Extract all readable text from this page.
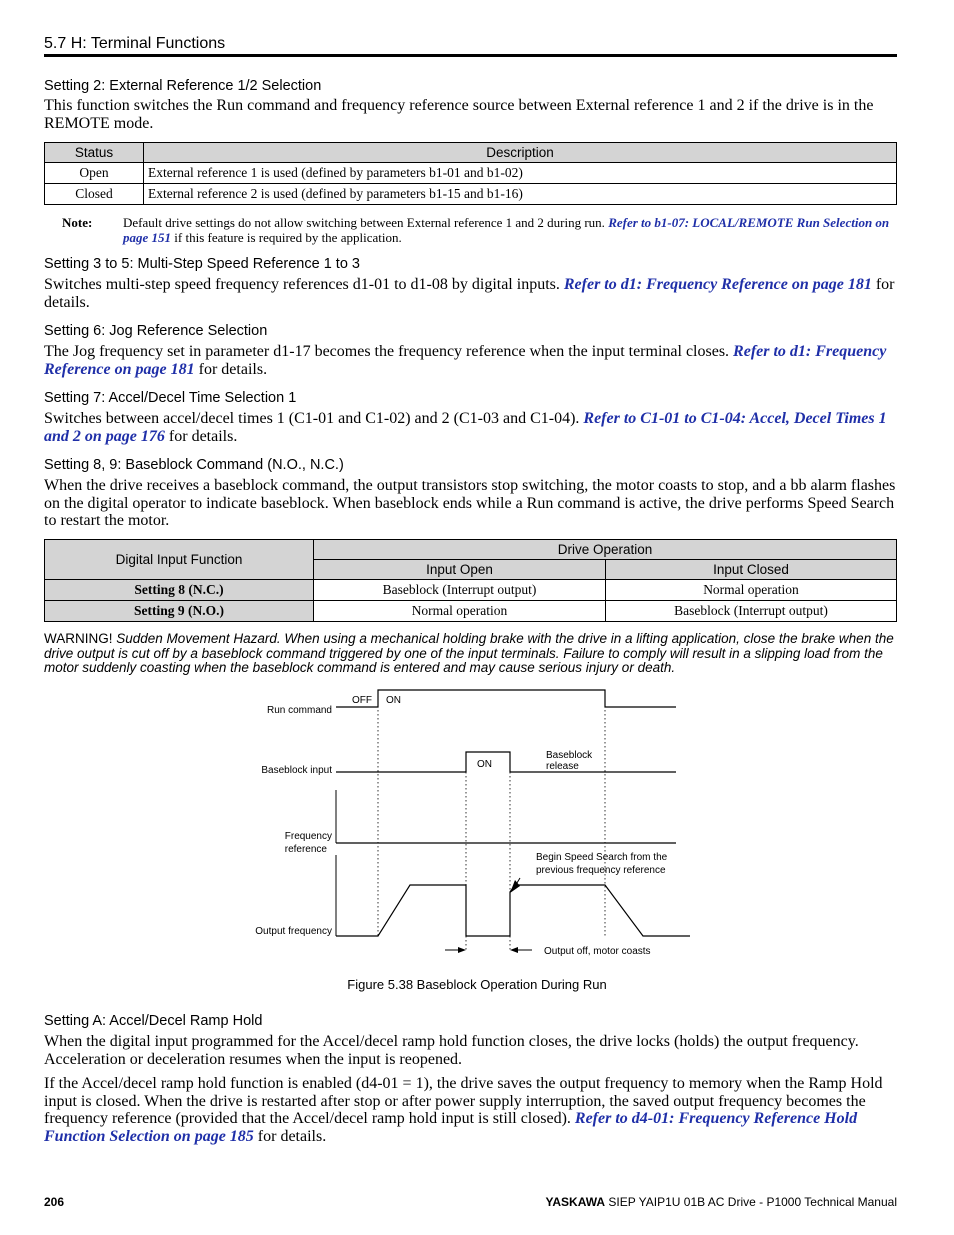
5.7 H: Terminal Functions
Setting 2: External Reference 1/2 Selection
This function switches the Run command and frequency reference source between External reference 1 and 2 if the drive is in the REMOTE mode.
Status	Description
Open	External reference 1 is used (defined by parameters b1-01 and b1-02)
Closed	External reference 2 is used (defined by parameters b1-15 and b1-16)
Note: Default drive settings do not allow switching between External reference 1 and 2 during run. Refer to b1-07: LOCAL/REMOTE Run Selection on page 151 if this feature is required by the application.
Setting 3 to 5: Multi-Step Speed Reference 1 to 3
Switches multi-step speed frequency references d1-01 to d1-08 by digital inputs. Refer to d1: Frequency Reference on page 181 for details.
Setting 6: Jog Reference Selection
The Jog frequency set in parameter d1-17 becomes the frequency reference when the input terminal closes. Refer to d1: Frequency Reference on page 181 for details.
Setting 7: Accel/Decel Time Selection 1
Switches between accel/decel times 1 (C1-01 and C1-02) and 2 (C1-03 and C1-04). Refer to C1-01 to C1-04: Accel, Decel Times 1 and 2 on page 176 for details.
Setting 8, 9: Baseblock Command (N.O., N.C.)
When the drive receives a baseblock command, the output transistors stop switching, the motor coasts to stop, and a bb alarm flashes on the digital operator to indicate baseblock. When baseblock ends while a Run command is active, the drive performs Speed Search to restart the motor.
Digital Input Function	Drive Operation	
	Input Open	Input Closed
Setting 8 (N.C.)	Baseblock (Interrupt output)	Normal operation
Setting 9 (N.O.)	Normal operation	Baseblock (Interrupt output)
WARNING! Sudden Movement Hazard. When using a mechanical holding brake with the drive in a lifting application, close the brake when the drive output is cut off by a baseblock command triggered by one of the input terminals. Failure to comply will result in a slipping load from the motor suddenly coasting when the baseblock command is entered and may cause serious injury or death.
Run command
OFF ON
Baseblock input
ON
Baseblock
release
Frequency
reference
Output frequency
Begin Speed Search from the
previous frequency reference
Output off, motor coasts
Figure 5.38 Baseblock Operation During Run
Setting A: Accel/Decel Ramp Hold
When the digital input programmed for the Accel/decel ramp hold function closes, the drive locks (holds) the output frequency. Acceleration or deceleration resumes when the input is reopened.
If the Accel/decel ramp hold function is enabled (d4-01 = 1), the drive saves the output frequency to memory when the Ramp Hold input is closed. When the drive is restarted after stop or after power supply interruption, the saved output frequency becomes the frequency reference (provided that the Accel/decel ramp hold input is still closed). Refer to d4-01: Frequency Reference Hold Function Selection on page 185 for details.
206	YASKAWA SIEP YAIP1U 01B AC Drive - P1000 Technical Manual
